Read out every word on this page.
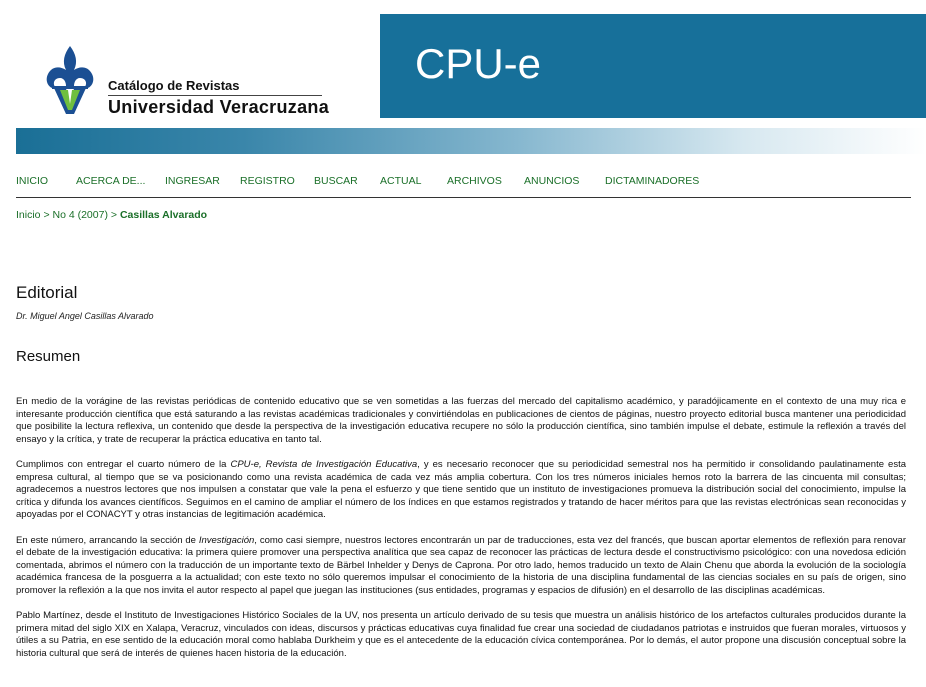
Catálogo de Revistas
Universidad Veracruzana
CPU-e
INICIO	ACERCA DE... INGRESAR REGISTRO BUSCAR ACTUAL ARCHIVOS ANUNCIOS DICTAMINADORES
Inicio > No 4 (2007) > Casillas Alvarado
Editorial
Dr. Miguel Angel Casillas Alvarado
Resumen

En medio de la vorágine de las revistas periódicas de contenido educativo que se ven sometidas a las fuerzas del mercado del capitalismo académico, y paradójicamente en el contexto de una muy rica e interesante producción científica que está saturando a las revistas académicas tradicionales y convirtiéndolas en publicaciones de cientos de páginas, nuestro proyecto editorial busca mantener una periodicidad que posibilite la lectura reflexiva, un contenido que desde la perspectiva de la investigación educativa recupere no sólo la producción científica, sino también impulse el debate, estimule la reflexión a través del ensayo y la crítica, y trate de recuperar la práctica educativa en tanto tal.

Cumplimos con entregar el cuarto número de la CPU-e, Revista de Investigación Educativa, y es necesario reconocer que su periodicidad semestral nos ha permitido ir consolidando paulatinamente esta empresa cultural, al tiempo que se va posicionando como una revista académica de cada vez más amplia cobertura. Con los tres números iniciales hemos roto la barrera de las cincuenta mil consultas; agradecemos a nuestros lectores que nos impulsen a constatar que vale la pena el esfuerzo y que tiene sentido que un instituto de investigaciones promueva la distribución social del conocimiento, impulse la crítica y difunda los avances científicos. Seguimos en el camino de ampliar el número de los índices en que estamos registrados y tratando de hacer méritos para que las revistas electrónicas sean reconocidas y apoyadas por el CONACYT y otras instancias de legitimación académica.

En este número, arrancando la sección de Investigación, como casi siempre, nuestros lectores encontrarán un par de traducciones, esta vez del francés, que buscan aportar elementos de reflexión para renovar el debate de la investigación educativa: la primera quiere promover una perspectiva analítica que sea capaz de reconocer las prácticas de lectura desde el constructivismo psicológico: con una novedosa edición comentada, abrimos el número con la traducción de un importante texto de Bärbel Inhelder y Denys de Caprona. Por otro lado, hemos traducido un texto de Alain Chenu que aborda la evolución de la sociología académica francesa de la posguerra a la actualidad; con este texto no sólo queremos impulsar el conocimiento de la historia de una disciplina fundamental de las ciencias sociales en su país de origen, sino promover la reflexión a la que nos invita el autor respecto al papel que juegan las instituciones (sus entidades, programas y espacios de difusión) en el desarrollo de las disciplinas académicas.

Pablo Martínez, desde el Instituto de Investigaciones Histórico Sociales de la UV, nos presenta un artículo derivado de su tesis que muestra un análisis histórico de los artefactos culturales producidos durante la primera mitad del siglo XIX en Xalapa, Veracruz, vinculados con ideas, discursos y prácticas educativas cuya finalidad fue crear una sociedad de ciudadanos patriotas e instruidos que fueran morales, virtuosos y útiles a su Patria, en ese sentido de la educación moral como hablaba Durkheim y que es el antecedente de la educación cívica contemporánea. Por lo demás, el autor propone una discusión conceptual sobre la historia cultural que será de interés de quienes hacen historia de la educación.
